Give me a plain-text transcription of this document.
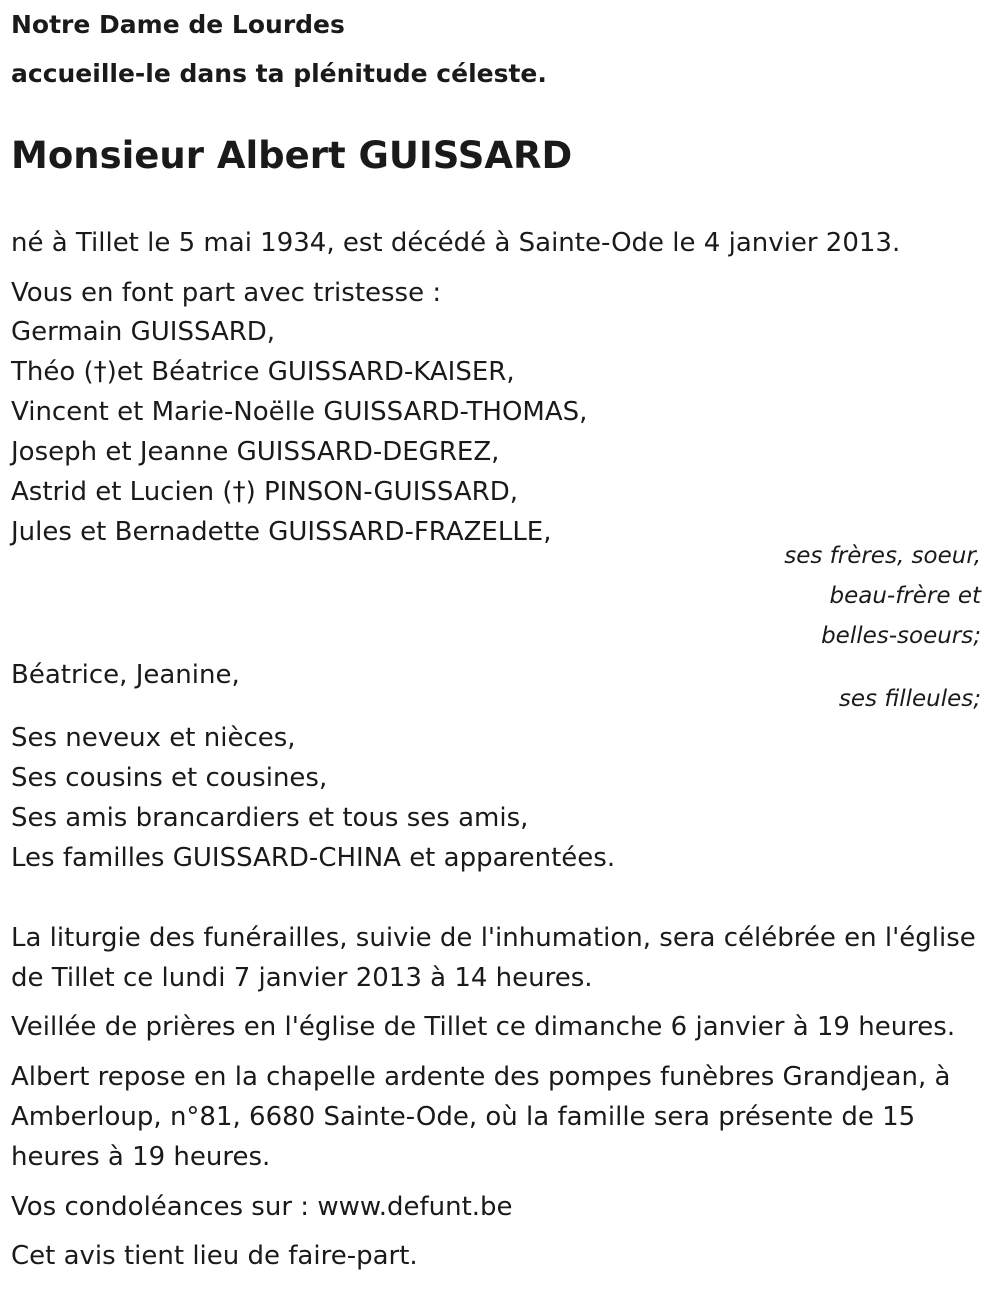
Notre Dame de Lourdes

accueille-le dans ta plénitude céleste.

Monsieur Albert GUISSARD

né à Tillet le 5 mai 1934, est décédé à Sainte-Ode le 4 janvier 2013.

Vous en font part avec tristesse :

Germain GUISSARD,

Théo (†)et Béatrice GUISSARD-KAISER,

Vincent et Marie-Noëlle GUISSARD-THOMAS,

Joseph et Jeanne GUISSARD-DEGREZ,

Astrid et Lucien (†) PINSON-GUISSARD,

Jules et Bernadette GUISSARD-FRAZELLE,

ses frères, soeur,

beau-frère et

belles-soeurs;

Béatrice, Jeanine,

ses filleules;

Ses neveux et nièces,

Ses cousins et cousines,

Ses amis brancardiers et tous ses amis,

Les familles GUISSARD-CHINA et apparentées.

La liturgie des funérailles, suivie de l'inhumation, sera célébrée en l'église

de Tillet ce lundi 7 janvier 2013 à 14 heures.

Veillée de prières en l'église de Tillet ce dimanche 6 janvier à 19 heures.

Albert repose en la chapelle ardente des pompes funèbres Grandjean, à

Amberloup, n°81, 6680 Sainte-Ode, où la famille sera présente de 15

heures à 19 heures.

Vos condoléances sur : www.defunt.be

Cet avis tient lieu de faire-part.
